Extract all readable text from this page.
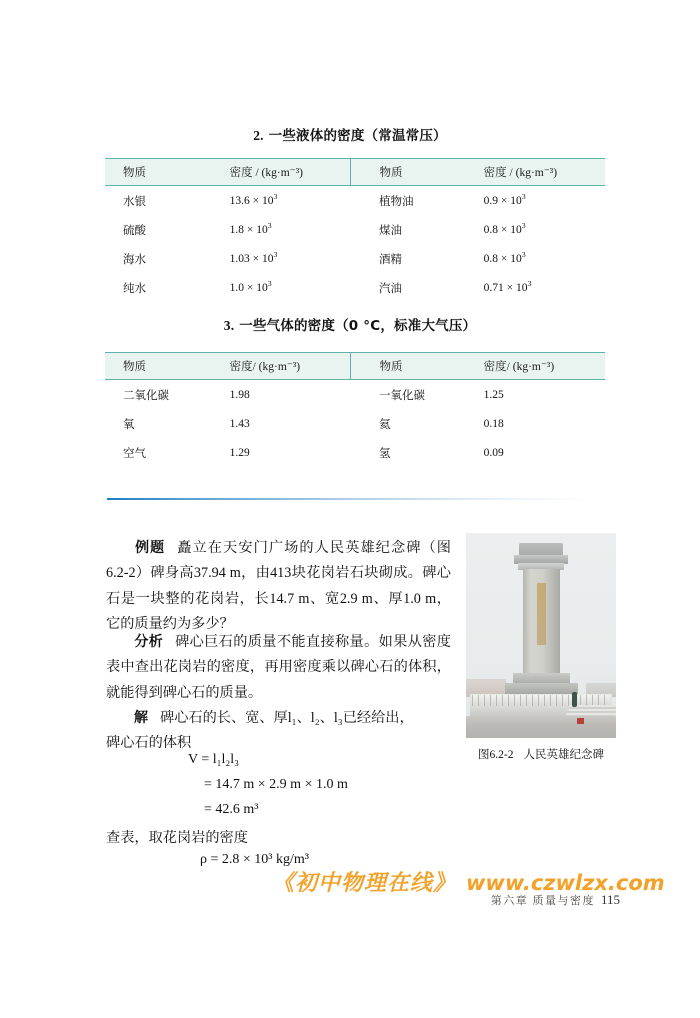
2. 一些液体的密度（常温常压）
物质	密度 / (kg·m⁻³)	物质	密度 / (kg·m⁻³)
水银	$13.6 \times 10^3$	植物油	$0.9 \times 10^3$
硫酸	$1.8 \times 10^3$	煤油	$0.8 \times 10^3$
海水	$1.03 \times 10^3$	酒精	$0.8 \times 10^3$
纯水	$1.0 \times 10^3$	汽油	$0.71 \times 10^3$
3. 一些气体的密度（0 °C，标准大气压）
物质	密度/ (kg·m⁻³)	物质	密度/ (kg·m⁻³)
二氧化碳	1.98	一氧化碳	1.25
氧	1.43	氦	0.18
空气	1.29	氢	0.09
例题 矗立在天安门广场的人民英雄纪念碑（图6.2-2）碑身高37.94 m，由413块花岗岩石块砌成。碑心石是一块整的花岗岩，长14.7 m、宽2.9 m、厚1.0 m，它的质量约为多少？
分析 碑心巨石的质量不能直接称量。如果从密度表中查出花岗岩的密度，再用密度乘以碑心石的体积，就能得到碑心石的质量。
解 碑心石的长、宽、厚l₁、l₂、l₃已经给出，
碑心石的体积
V = l₁l₂l₃
= 14.7 m × 2.9 m × 1.0 m
= 42.6 m³
查表，取花岗岩的密度
ρ = 2.8 × 10³ kg/m³
图6.2-2 人民英雄纪念碑
《初中物理在线》 www.czwlzx.com
第六章 质量与密度 115
